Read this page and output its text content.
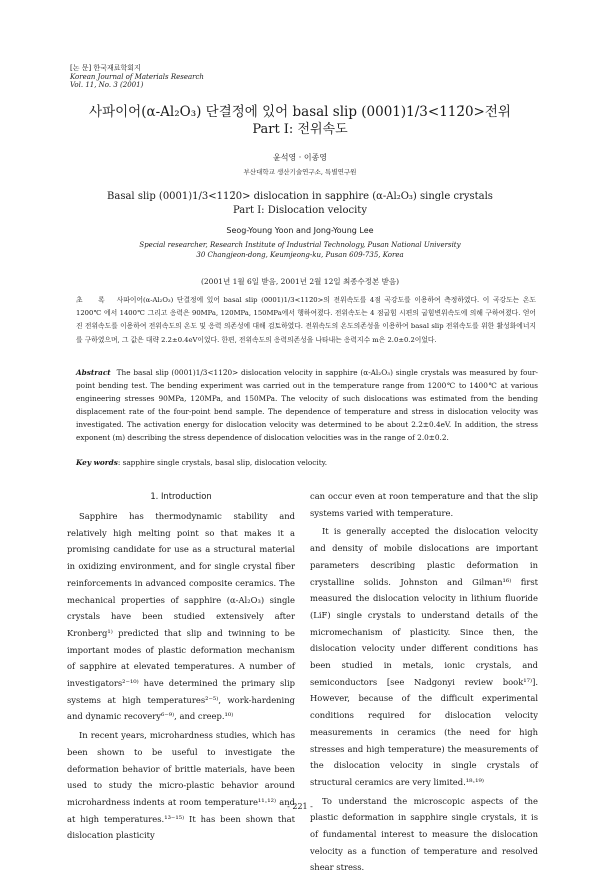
[논 문] 한국재료학회지
Korean Journal of Materials Research
Vol. 11, No. 3 (2001)
사파이어(α-Al₂O₃) 단결정에 있어 basal slip (0001)1/3<112̄0>전위
Part I: 전위속도
윤석영 · 이종영
부산대학교 생산기술연구소, 특별연구원
Basal slip (0001)1/3<112̄0> dislocation in sapphire (α-Al₂O₃) single crystals
Part I: Dislocation velocity
Seog-Young Yoon and Jong-Young Lee
Special researcher, Research Institute of Industrial Technology, Pusan National University
30 Changjeon-dong, Keumjeong-ku, Pusan 609-735, Korea
(2001년 1월 6일 받음, 2001년 2월 12일 최종수정본 받음)
초 록 사파이어(α-Al₂O₃) 단결정에 있어 basal slip (0001)1/3<112̄0>의 전위속도를 4점 곡강도를 이용하여 측정하였다. 이 곡강도는 온도 1200℃ 에서 1400℃ 그리고 응력은 90MPa, 120MPa, 150MPa에서 행하여졌다. 전위속도는 4 점굽힘 시편의 굽힘변위속도에 의해 구하여졌다. 얻어진 전위속도를 이용하여 전위속도의 온도 및 응력 의존성에 대해 검토하였다. 전위속도의 온도의존성을 이용하여 basal slip 전위속도를 위한 활성화에너지를 구하였으며, 그 값은 대략 2.2±0.4eV이었다. 한편, 전위속도의 응력의존성을 나타내는 응력지수 m은 2.0±0.2이었다.
Abstract The basal slip (0001)1/3<112̄0> dislocation velocity in sapphire (α-Al₂O₃) single crystals was measured by four-point bending test. The bending experiment was carried out in the temperature range from 1200℃ to 1400℃ at various engineering stresses 90MPa, 120MPa, and 150MPa. The velocity of such dislocations was estimated from the bending displacement rate of the four-point bend sample. The dependence of temperature and stress in dislocation velocity was investigated. The activation energy for dislocation velocity was determined to be about 2.2±0.4eV. In addition, the stress exponent (m) describing the stress dependence of dislocation velocities was in the range of 2.0±0.2.
Key words: sapphire single crystals, basal slip, dislocation velocity.
1. Introduction

Sapphire has thermodynamic stability and relatively high melting point so that makes it a promising candidate for use as a structural material in oxidizing environment, and for single crystal fiber reinforcements in advanced composite ceramics. The mechanical properties of sapphire (α-Al₂O₃) single crystals have been studied extensively after Kronberg¹⁾ predicted that slip and twinning to be important modes of plastic deformation mechanism of sapphire at elevated temperatures. A number of investigators²⁻¹⁰⁾ have determined the primary slip systems at high temperatures²⁻⁵⁾, work-hardening and dynamic recovery⁶⁻⁹⁾, and creep.¹⁰⁾

In recent years, microhardness studies, which has been shown to be useful to investigate the deformation behavior of brittle materials, have been used to study the micro-plastic behavior around microhardness indents at room temperature¹¹·¹²⁾ and at high temperatures.¹³⁻¹⁵⁾ It has been shown that dislocation plasticity

can occur even at roon temperature and that the slip systems varied with temperature.

It is generally accepted the dislocation velocity and density of mobile dislocations are important parameters describing plastic deformation in crystalline solids. Johnston and Gilman¹⁶⁾ first measured the dislocation velocity in lithium fluoride (LiF) single crystals to understand details of the micromechanism of plasticity. Since then, the dislocation velocity under different conditions has been studied in metals, ionic crystals, and semiconductors [see Nadgonyi review book¹⁷⁾]. However, because of the difficult experimental conditions required for dislocation velocity measurements in ceramics (the need for high stresses and high temperature) the measurements of the dislocation velocity in single crystals of structural ceramics are very limited.¹⁸·¹⁹⁾

To understand the microscopic aspects of the plastic deformation in sapphire single crystals, it is of fundamental interest to measure the dislocation velocity as a function of temperature and resolved shear stress.

- 221 -
